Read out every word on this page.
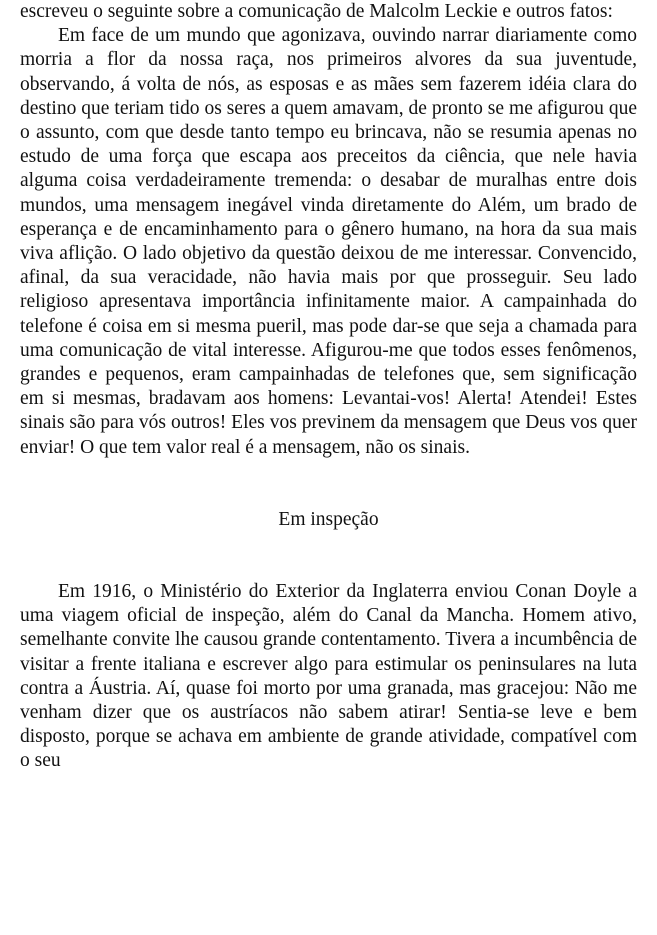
escreveu o seguinte sobre a comunicação de Malcolm Leckie e outros fatos:

Em face de um mundo que agonizava, ouvindo narrar diariamente como morria a flor da nossa raça, nos primeiros alvores da sua juventude, observando, á volta de nós, as esposas e as mães sem fazerem idéia clara do destino que teriam tido os seres a quem amavam, de pronto se me afigurou que o assunto, com que desde tanto tempo eu brincava, não se resumia apenas no estudo de uma força que escapa aos preceitos da ciência, que nele havia alguma coisa verdadeiramente tremenda: o desabar de muralhas entre dois mundos, uma mensagem inegável vinda diretamente do Além, um brado de esperança e de encaminhamento para o gênero humano, na hora da sua mais viva aflição. O lado objetivo da questão deixou de me interessar. Convencido, afinal, da sua veracidade, não havia mais por que prosseguir. Seu lado religioso apresentava importância infinitamente maior. A campainhada do telefone é coisa em si mesma pueril, mas pode dar-se que seja a chamada para uma comunicação de vital interesse. Afigurou-me que todos esses fenômenos, grandes e pequenos, eram campainhadas de telefones que, sem significação em si mesmas, bradavam aos homens: Levantai-vos! Alerta! Atendei! Estes sinais são para vós outros! Eles vos previnem da mensagem que Deus vos quer enviar! O que tem valor real é a mensagem, não os sinais.

Em inspeção

Em 1916, o Ministério do Exterior da Inglaterra enviou Conan Doyle a uma viagem oficial de inspeção, além do Canal da Mancha. Homem ativo, semelhante convite lhe causou grande contentamento. Tivera a incumbência de visitar a frente italiana e escrever algo para estimular os peninsulares na luta contra a Áustria. Aí, quase foi morto por uma granada, mas gracejou: Não me venham dizer que os austríacos não sabem atirar! Sentia-se leve e bem disposto, porque se achava em ambiente de grande atividade, compatível com o seu
